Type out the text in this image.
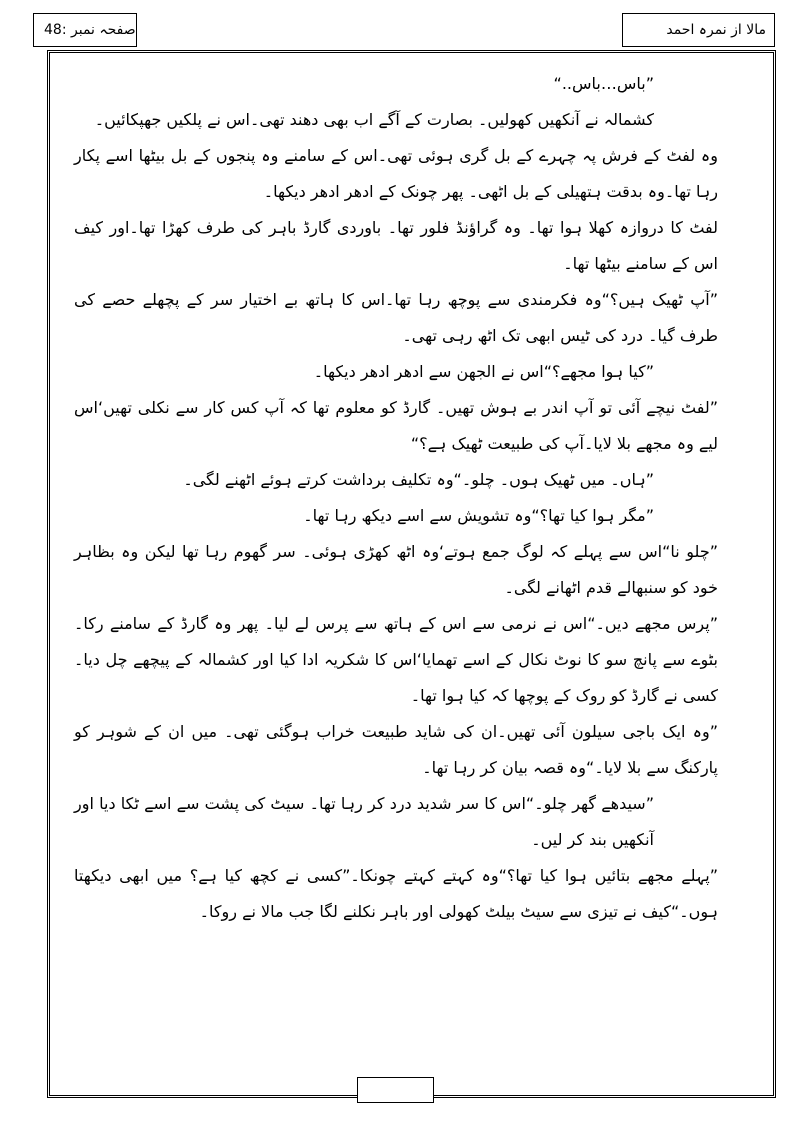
صفحہ نمبر :48	مالا از نمرہ احمد

”باس…باس..“

کشمالہ نے آنکھیں کھولیں۔ بصارت کے آگے اب بھی دھند تھی۔اس نے پلکیں جھپکائیں۔

وہ لفٹ کے فرش پہ چہرے کے بل گری ہوئی تھی۔اس کے سامنے وہ پنجوں کے بل بیٹھا اسے پکار رہا تھا۔وہ بدقت ہتھیلی کے بل اٹھی۔ پھر چونک کے ادھر ادھر دیکھا۔

لفٹ کا دروازہ کھلا ہوا تھا۔ وہ گراؤنڈ فلور تھا۔ باوردی گارڈ باہر کی طرف کھڑا تھا۔اور کیف اس کے سامنے بیٹھا تھا۔

”آپ ٹھیک ہیں؟“وہ فکرمندی سے پوچھ رہا تھا۔اس کا ہاتھ بے اختیار سر کے پچھلے حصے کی طرف گیا۔ درد کی ٹیس ابھی تک اٹھ رہی تھی۔

”کیا ہوا مجھے؟“اس نے الجھن سے ادھر ادھر دیکھا۔

”لفٹ نیچے آئی تو آپ اندر بے ہوش تھیں۔ گارڈ کو معلوم تھا کہ آپ کس کار سے نکلی تھیں‘اس لیے وہ مجھے بلا لایا۔آپ کی طبیعت ٹھیک ہے؟“

”ہاں۔ میں ٹھیک ہوں۔ چلو۔“وہ تکلیف برداشت کرتے ہوئے اٹھنے لگی۔

”مگر ہوا کیا تھا؟“وہ تشویش سے اسے دیکھ رہا تھا۔

”چلو نا“اس سے پہلے کہ لوگ جمع ہوتے‘وہ اٹھ کھڑی ہوئی۔ سر گھوم رہا تھا لیکن وہ بظاہر خود کو سنبھالے قدم اٹھانے لگی۔

”پرس مجھے دیں۔“اس نے نرمی سے اس کے ہاتھ سے پرس لے لیا۔ پھر وہ گارڈ کے سامنے رکا۔ بٹوے سے پانچ سو کا نوٹ نکال کے اسے تھمایا‘اس کا شکریہ ادا کیا اور کشمالہ کے پیچھے چل دیا۔ کسی نے گارڈ کو روک کے پوچھا کہ کیا ہوا تھا۔

”وہ ایک باجی سیلون آئی تھیں۔ان کی شاید طبیعت خراب ہوگئی تھی۔ میں ان کے شوہر کو پارکنگ سے بلا لایا۔“وہ قصہ بیان کر رہا تھا۔

”سیدھے گھر چلو۔“اس کا سر شدید درد کر رہا تھا۔ سیٹ کی پشت سے اسے ٹکا دیا اور آنکھیں بند کر لیں۔

”پہلے مجھے بتائیں ہوا کیا تھا؟“وہ کہتے کہتے چونکا۔”کسی نے کچھ کیا ہے؟ میں ابھی دیکھتا ہوں۔“کیف نے تیزی سے سیٹ بیلٹ کھولی اور باہر نکلنے لگا جب مالا نے روکا۔
